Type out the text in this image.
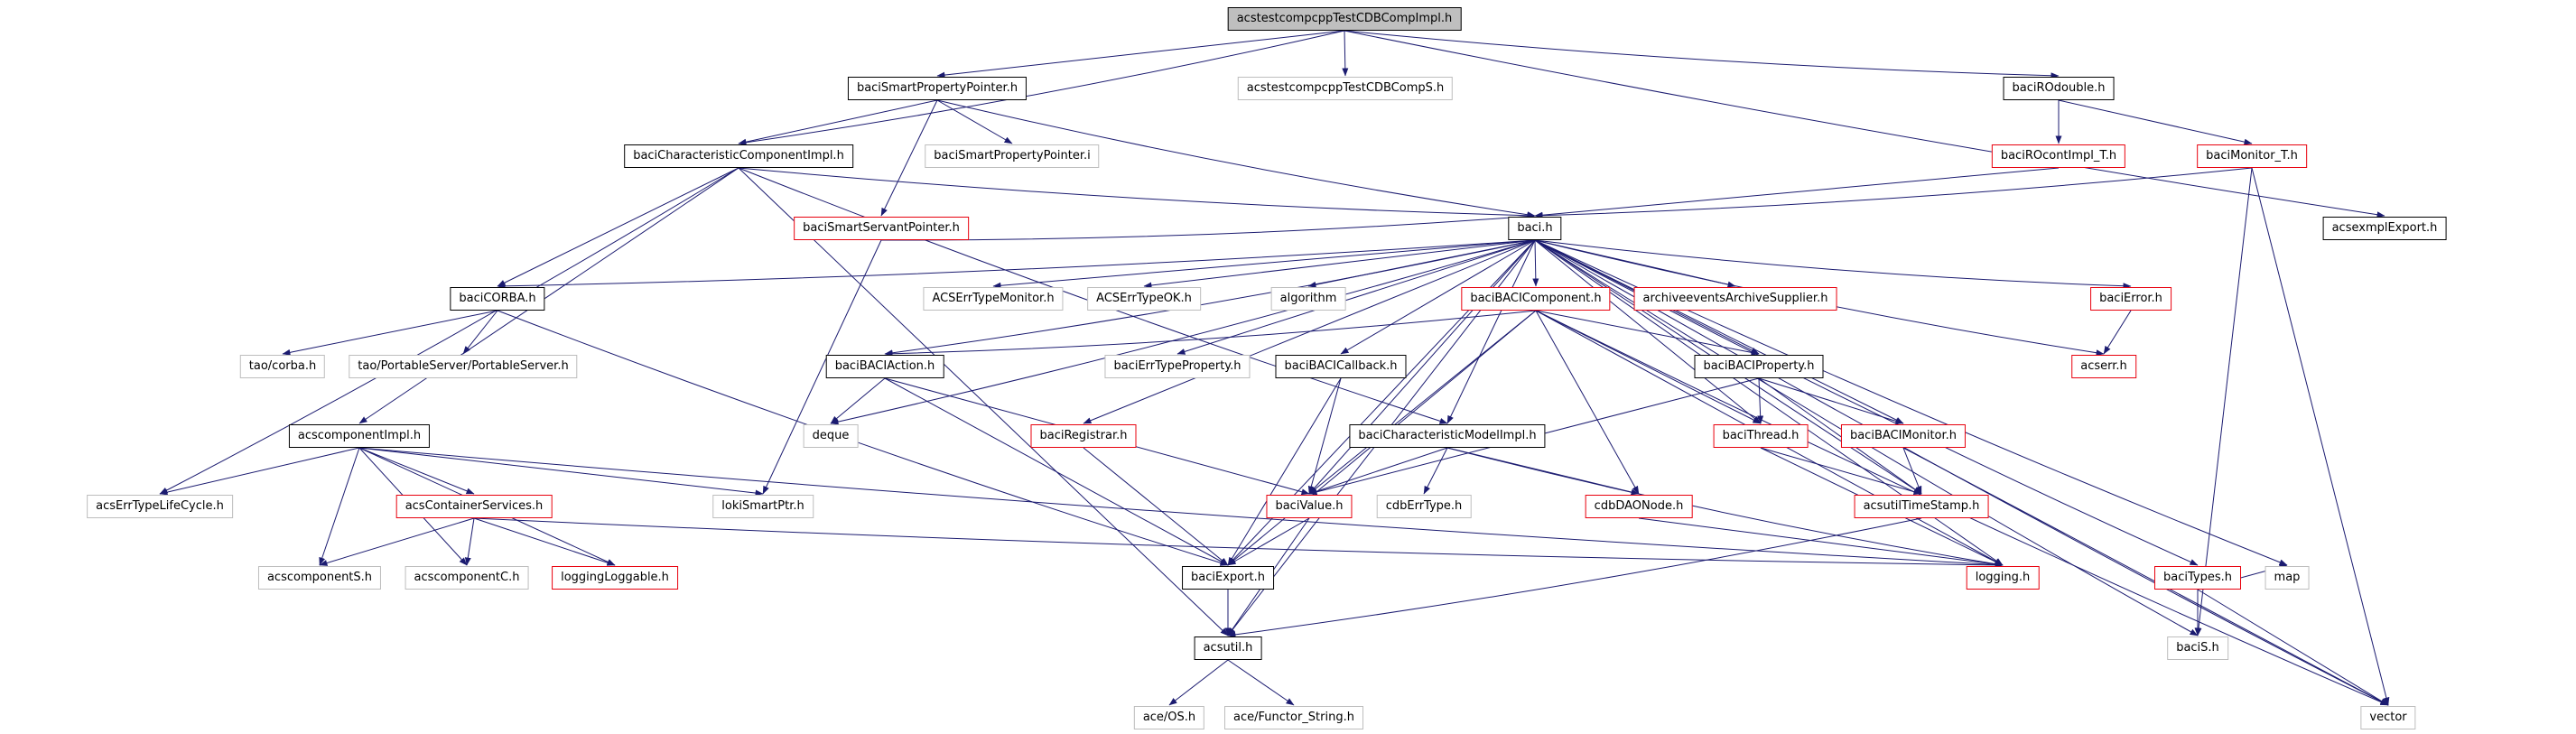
acstestcompcppTestCDBCompImpl.h
baciSmartPropertyPointer.h	acstestcompcppTestCDBCompS.h	baciROdouble.h
baciCharacteristicComponentImpl.h	baciSmartPropertyPointer.i	baciROcontImpl_T.h	baciMonitor_T.h
baciSmartServantPointer.h	baci.h	acsexmplExport.h
baciCORBA.h	ACSErrTypeMonitor.h	ACSErrTypeOK.h	algorithm	baciBACIComponent.h	archiveeventsArchiveSupplier.h	baciError.h
tao/corba.h	tao/PortableServer/PortableServer.h	baciBACIAction.h	baciErrTypeProperty.h	baciBACICallback.h	baciBACIProperty.h	acserr.h
acscomponentImpl.h	deque	baciRegistrar.h	baciCharacteristicModelImpl.h	baciThread.h	baciBACIMonitor.h
acsErrTypeLifeCycle.h	acsContainerServices.h	lokiSmartPtr.h	baciValue.h	cdbErrType.h	cdbDAONode.h	acsutilTimeStamp.h
acscomponentS.h	acscomponentC.h	loggingLoggable.h	baciExport.h	logging.h	baciTypes.h	map
acsutil.h	baciS.h
ace/OS.h	ace/Functor_String.h	vector
